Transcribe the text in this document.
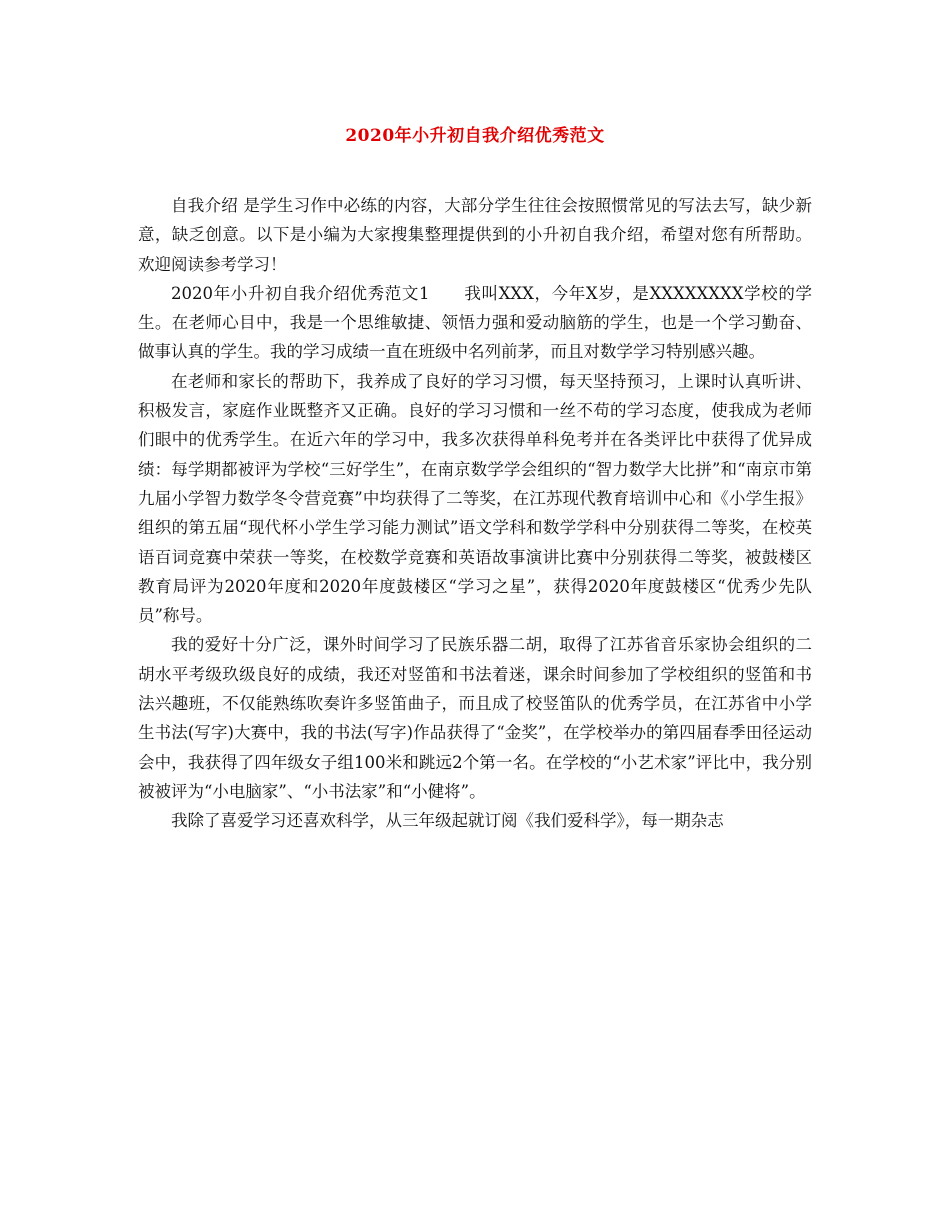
2020年小升初自我介绍优秀范文

自我介绍 是学生习作中必练的内容，大部分学生往往会按照惯常见的写法去写，缺少新意，缺乏创意。以下是小编为大家搜集整理提供到的小升初自我介绍，希望对您有所帮助。欢迎阅读参考学习！

2020年小升初自我介绍优秀范文1　　我叫XXX，今年X岁，是XXXXXXXX学校的学生。在老师心目中，我是一个思维敏捷、领悟力强和爱动脑筋的学生，也是一个学习勤奋、做事认真的学生。我的学习成绩一直在班级中名列前茅，而且对数学学习特别感兴趣。

在老师和家长的帮助下，我养成了良好的学习习惯，每天坚持预习，上课时认真听讲、积极发言，家庭作业既整齐又正确。良好的学习习惯和一丝不苟的学习态度，使我成为老师们眼中的优秀学生。在近六年的学习中，我多次获得单科免考并在各类评比中获得了优异成绩：每学期都被评为学校“三好学生”，在南京数学学会组织的“智力数学大比拼”和“南京市第九届小学智力数学冬令营竞赛”中均获得了二等奖，在江苏现代教育培训中心和《小学生报》组织的第五届“现代杯小学生学习能力测试”语文学科和数学学科中分别获得二等奖，在校英语百词竞赛中荣获一等奖，在校数学竞赛和英语故事演讲比赛中分别获得二等奖，被鼓楼区教育局评为2020年度和2020年度鼓楼区“学习之星”，获得2020年度鼓楼区“优秀少先队员”称号。

我的爱好十分广泛，课外时间学习了民族乐器二胡，取得了江苏省音乐家协会组织的二胡水平考级玖级良好的成绩，我还对竖笛和书法着迷，课余时间参加了学校组织的竖笛和书法兴趣班，不仅能熟练吹奏许多竖笛曲子，而且成了校竖笛队的优秀学员，在江苏省中小学生书法(写字)大赛中，我的书法(写字)作品获得了“金奖”，在学校举办的第四届春季田径运动会中，我获得了四年级女子组100米和跳远2个第一名。在学校的“小艺术家”评比中，我分别被被评为“小电脑家”、“小书法家”和“小健将”。

我除了喜爱学习还喜欢科学，从三年级起就订阅《我们爱科学》，每一期杂志
